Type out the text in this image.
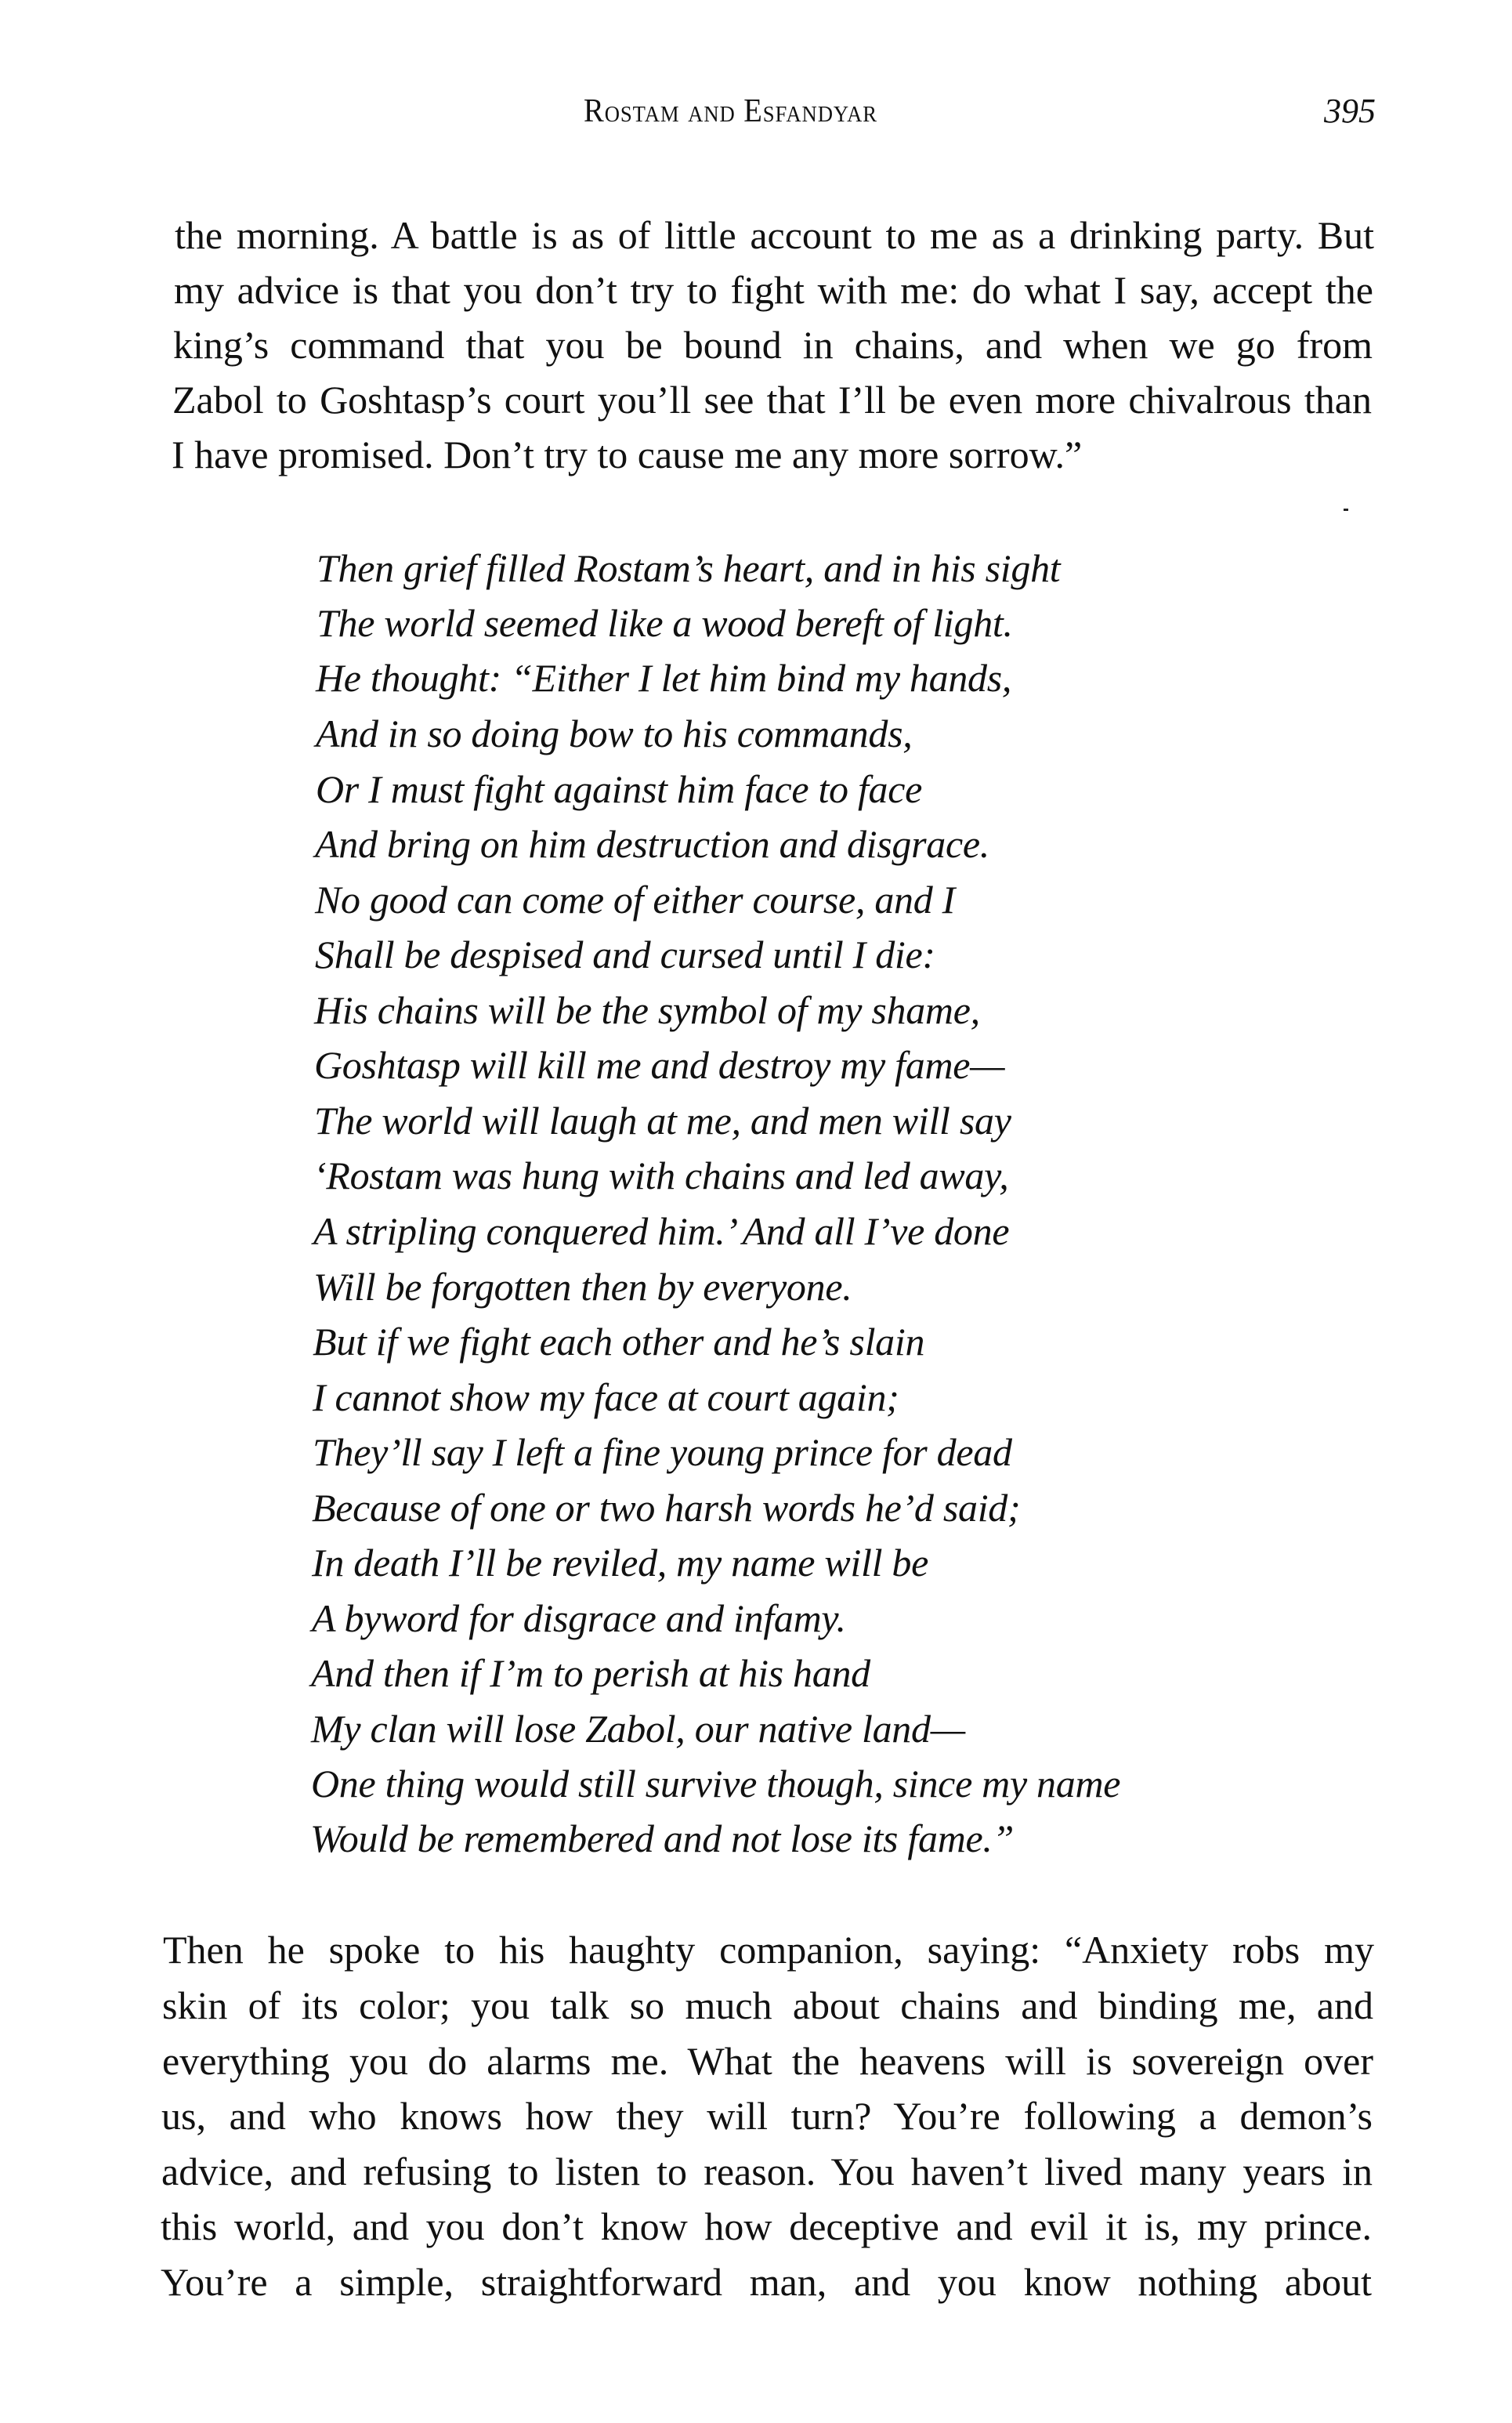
Rostam and Esfandyar	395
the morning. A battle is as of little account to me as a drinking party. But
my advice is that you don’t try to fight with me: do what I say, accept the
king’s command that you be bound in chains, and when we go from
Zabol to Goshtasp’s court you’ll see that I’ll be even more chivalrous than
I have promised. Don’t try to cause me any more sorrow.”
Then grief filled Rostam’s heart, and in his sight
The world seemed like a wood bereft of light.
He thought: “Either I let him bind my hands,
And in so doing bow to his commands,
Or I must fight against him face to face
And bring on him destruction and disgrace.
No good can come of either course, and I
Shall be despised and cursed until I die:
His chains will be the symbol of my shame,
Goshtasp will kill me and destroy my fame—
The world will laugh at me, and men will say
‘Rostam was hung with chains and led away,
A stripling conquered him.’ And all I’ve done
Will be forgotten then by everyone.
But if we fight each other and he’s slain
I cannot show my face at court again;
They’ll say I left a fine young prince for dead
Because of one or two harsh words he’d said;
In death I’ll be reviled, my name will be
A byword for disgrace and infamy.
And then if I’m to perish at his hand
My clan will lose Zabol, our native land—
One thing would still survive though, since my name
Would be remembered and not lose its fame.”
Then he spoke to his haughty companion, saying: “Anxiety robs my
skin of its color; you talk so much about chains and binding me, and
everything you do alarms me. What the heavens will is sovereign over
us, and who knows how they will turn? You’re following a demon’s
advice, and refusing to listen to reason. You haven’t lived many years in
this world, and you don’t know how deceptive and evil it is, my prince.
You’re a simple, straightforward man, and you know nothing about
